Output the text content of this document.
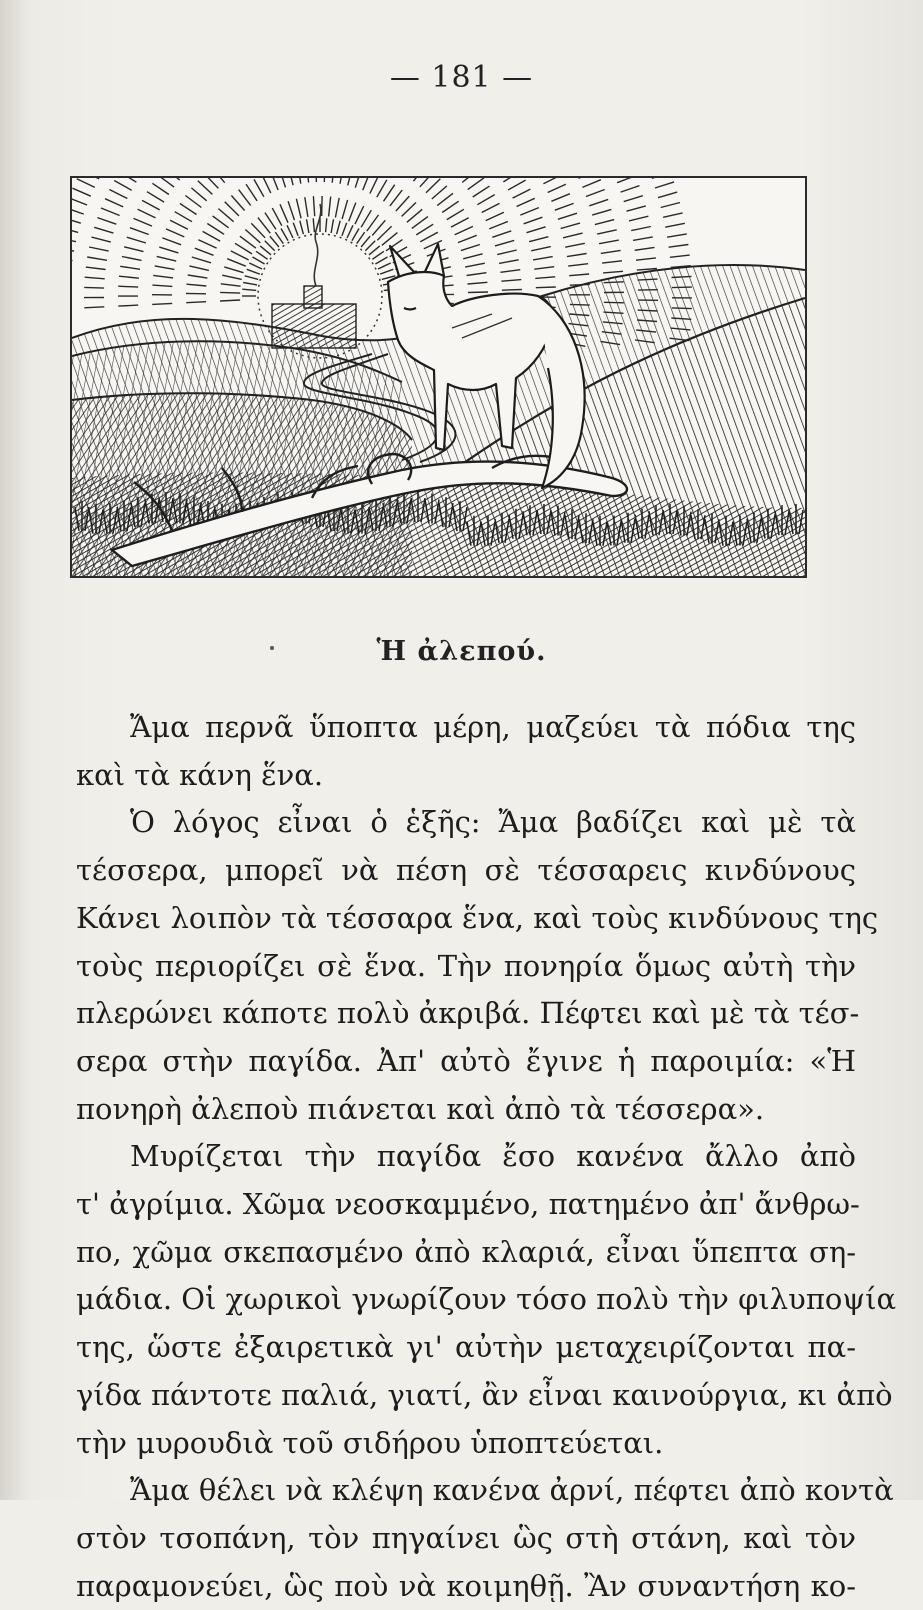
— 181 —
Ἡ ἀλεπού.
Ἄμα περνᾶ ὕποπτα μέρη, μαζεύει τὰ πόδια της
καὶ τὰ κάνη ἕνα.
Ὁ λόγος εἶναι ὁ ἑξῆς: Ἄμα βαδίζει καὶ μὲ τὰ
τέσσερα, μπορεῖ νὰ πέση σὲ τέσσαρεις κινδύνους
Κάνει λοιπὸν τὰ τέσσαρα ἕνα, καὶ τοὺς κινδύνους της
τοὺς περιορίζει σὲ ἕνα. Τὴν πονηρία ὅμως αὐτὴ τὴν
πλερώνει κάποτε πολὺ ἀκριβά. Πέφτει καὶ μὲ τὰ τέσ-
σερα στὴν παγίδα. Ἀπ' αὐτὸ ἔγινε ἡ παροιμία: «Ἡ
πονηρὴ ἀλεποὺ πιάνεται καὶ ἀπὸ τὰ τέσσερα».
Μυρίζεται τὴν παγίδα ἔσο κανένα ἄλλο ἀπὸ
τ' ἀγρίμια. Χῶμα νεοσκαμμένο, πατημένο ἀπ' ἄνθρω-
πο, χῶμα σκεπασμένο ἀπὸ κλαριά, εἶναι ὕπεπτα ση-
μάδια. Οἱ χωρικοὶ γνωρίζουν τόσο πολὺ τὴν φιλυποψία
της, ὥστε ἐξαιρετικὰ γι' αὐτὴν μεταχειρίζονται πα-
γίδα πάντοτε παλιά, γιατί, ἂν εἶναι καινούργια, κι ἀπὸ
τὴν μυρουδιὰ τοῦ σιδήρου ὑποπτεύεται.
Ἄμα θέλει νὰ κλέψη κανένα ἀρνί, πέφτει ἀπὸ κοντὰ
στὸν τσοπάνη, τὸν πηγαίνει ὣς στὴ στάνη, καὶ τὸν
παραμονεύει, ὣς ποὺ νὰ κοιμηθῇ. Ἂν συναντήση κο-
